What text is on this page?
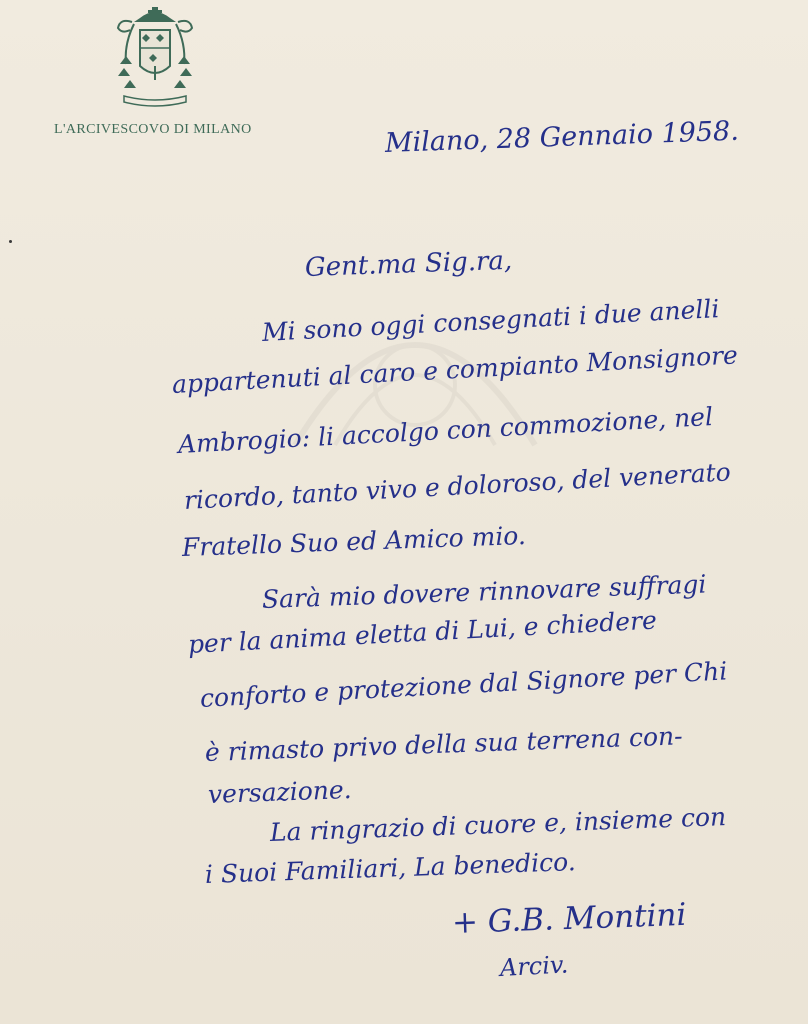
L'ARCIVESCOVO DI MILANO	Milano, 28 Gennaio 1958.
Gent.ma Sig.ra,
Mi sono oggi consegnati i due anelli
appartenuti al caro e compianto Monsignore
Ambrogio: li accolgo con commozione, nel
ricordo, tanto vivo e doloroso, del venerato
Fratello Suo ed Amico mio.
Sarà mio dovere rinnovare suffragi
per la anima eletta di Lui, e chiedere
conforto e protezione dal Signore per Chi
è rimasto privo della sua terrena con-
versazione.
La ringrazio di cuore e, insieme con
i Suoi Familiari, La benedico.
+ G.B. Montini
Arciv.
